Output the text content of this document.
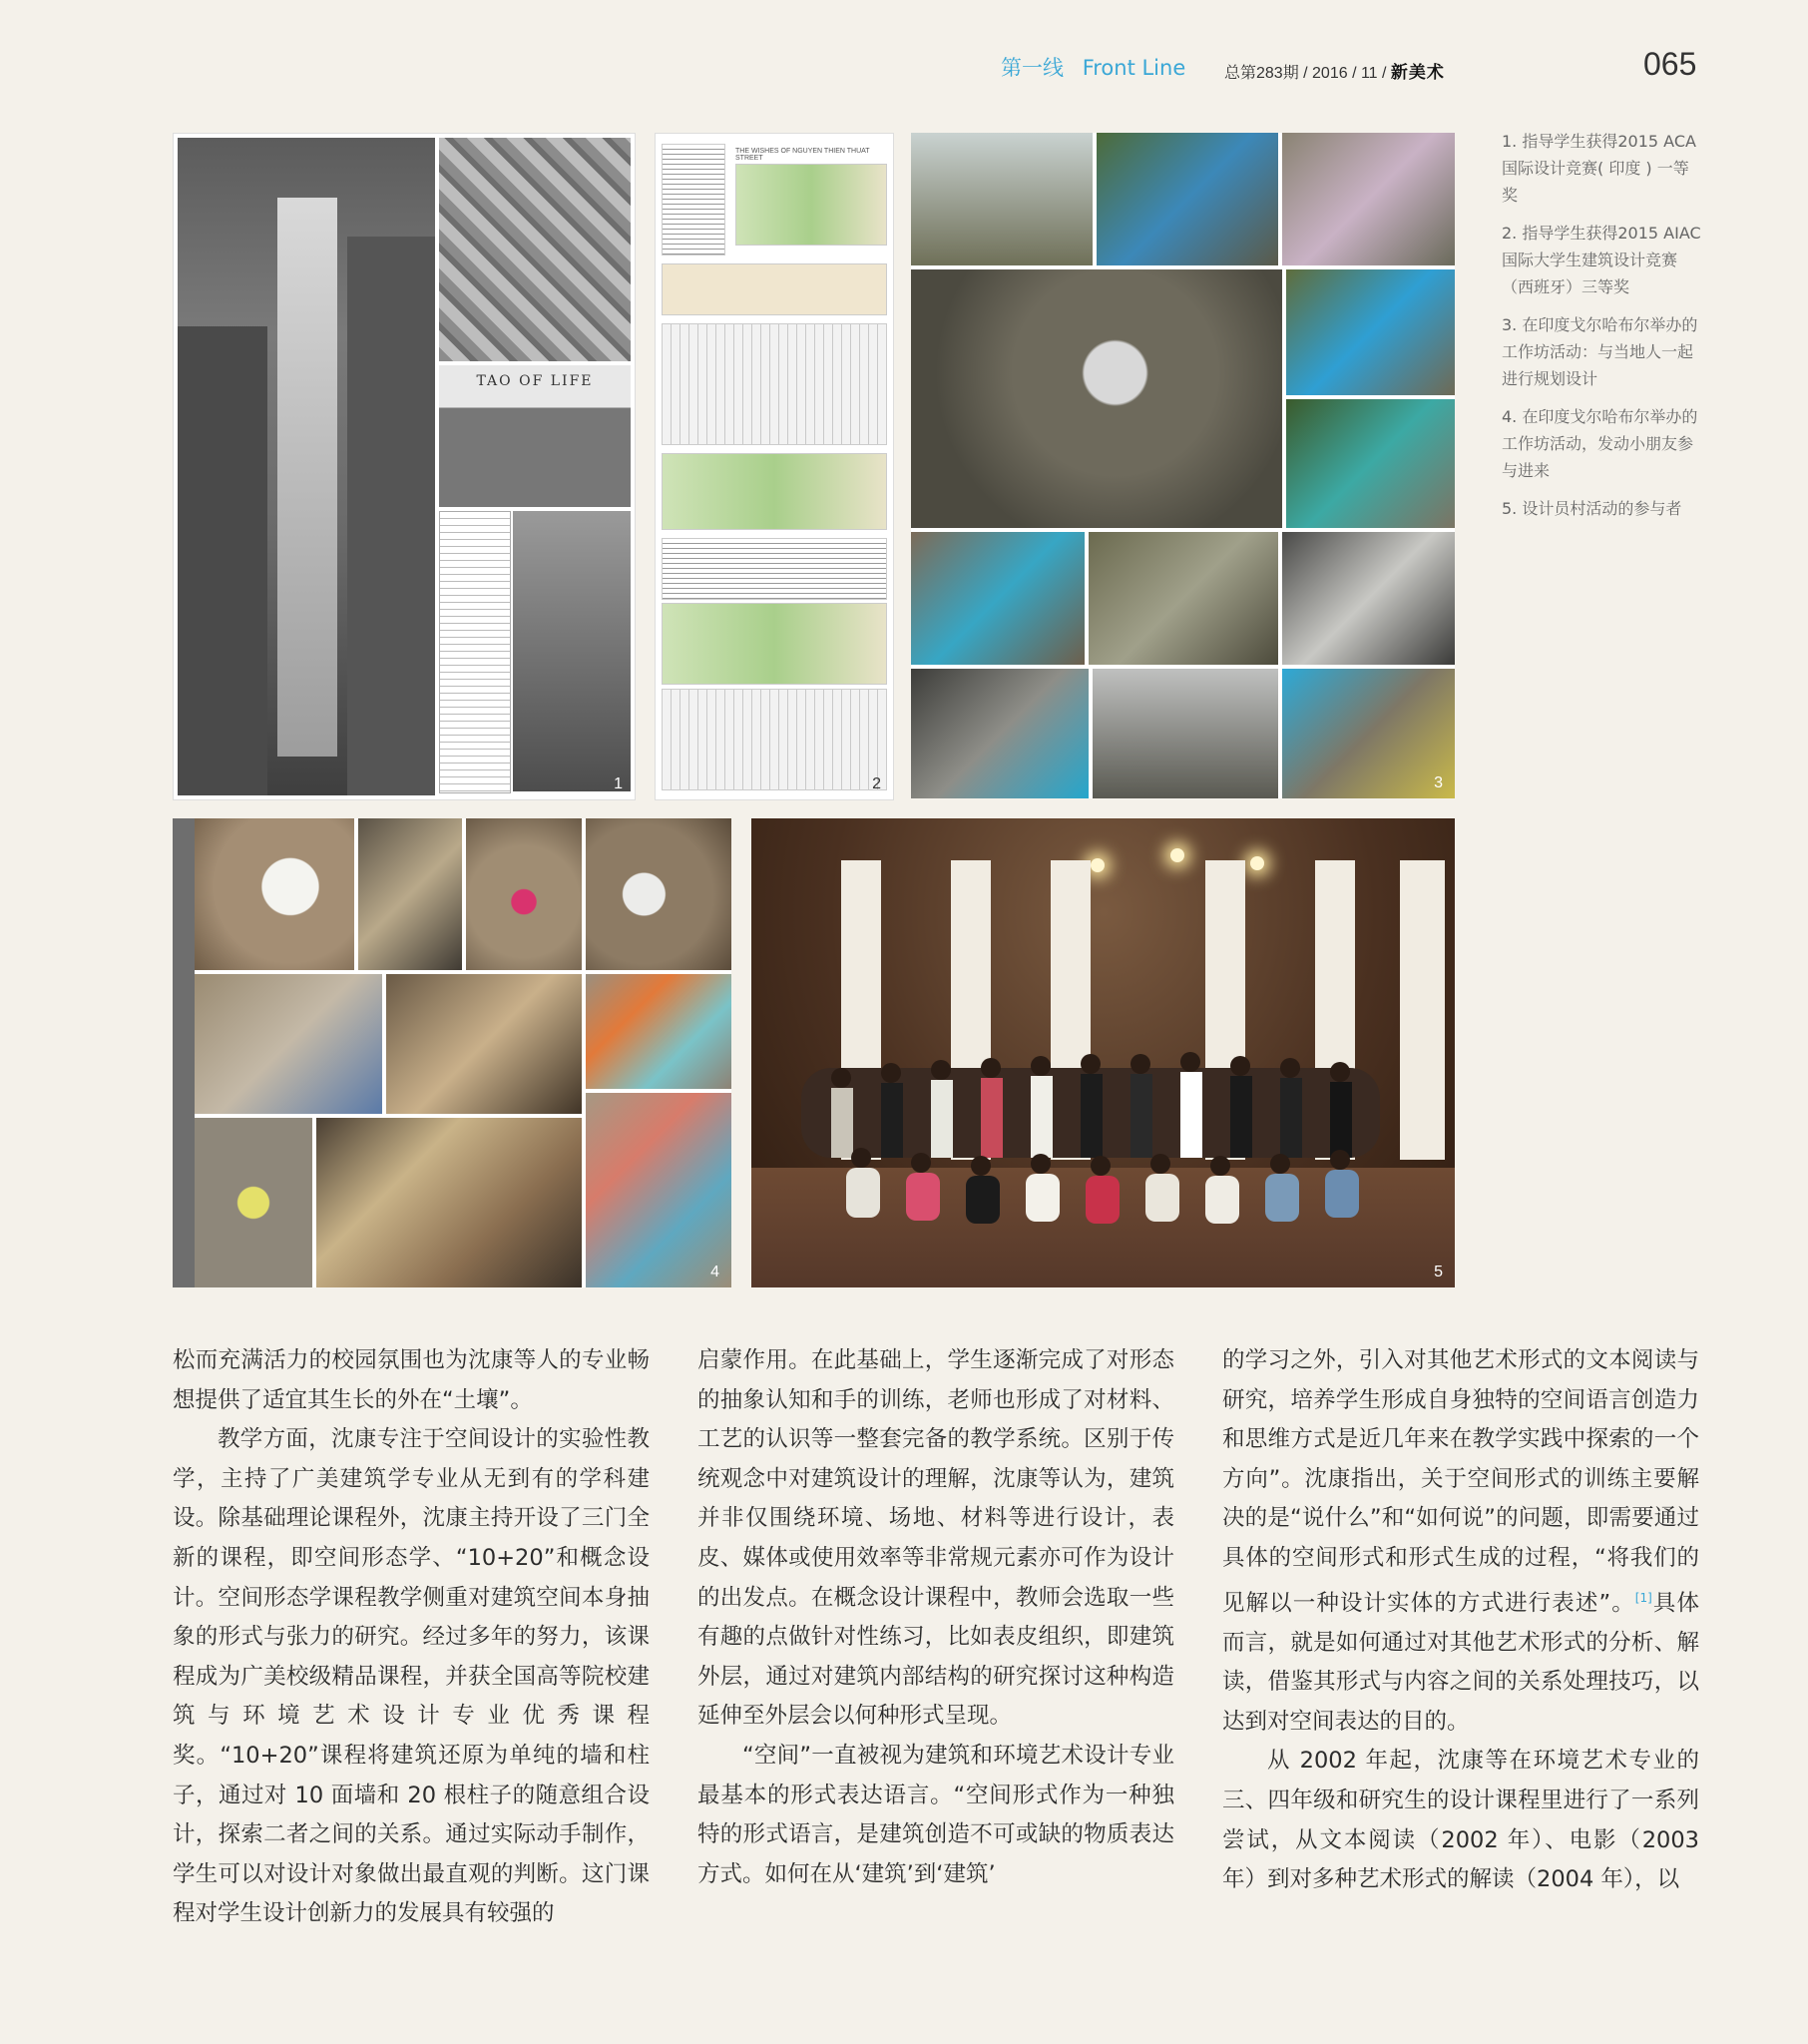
第一线 Front Line	总第283期 / 2016 / 11 / 新美术	065
TAO OF LIFE
1
THE WISHES OF NGUYEN THIEN THUAT STREET
2	3
4	5

1. 指导学生获得2015 ACA国际设计竞赛( 印度 ) 一等奖

2. 指导学生获得2015 AIAC国际大学生建筑设计竞赛（西班牙）三等奖

3. 在印度戈尔哈布尔举办的工作坊活动：与当地人一起进行规划设计

4. 在印度戈尔哈布尔举办的工作坊活动，发动小朋友参与进来

5. 设计员村活动的参与者

松而充满活力的校园氛围也为沈康等人的专业畅想提供了适宜其生长的外在“土壤”。

教学方面，沈康专注于空间设计的实验性教学，主持了广美建筑学专业从无到有的学科建设。除基础理论课程外，沈康主持开设了三门全新的课程，即空间形态学、“10+20”和概念设计。空间形态学课程教学侧重对建筑空间本身抽象的形式与张力的研究。经过多年的努力，该课程成为广美校级精品课程，并获全国高等院校建筑与环境艺术设计专业优秀课程奖。“10+20”课程将建筑还原为单纯的墙和柱子，通过对 10 面墙和 20 根柱子的随意组合设计，探索二者之间的关系。通过实际动手制作，学生可以对设计对象做出最直观的判断。这门课程对学生设计创新力的发展具有较强的

启蒙作用。在此基础上，学生逐渐完成了对形态的抽象认知和手的训练，老师也形成了对材料、工艺的认识等一整套完备的教学系统。区别于传统观念中对建筑设计的理解，沈康等认为，建筑并非仅围绕环境、场地、材料等进行设计，表皮、媒体或使用效率等非常规元素亦可作为设计的出发点。在概念设计课程中，教师会选取一些有趣的点做针对性练习，比如表皮组织，即建筑外层，通过对建筑内部结构的研究探讨这种构造延伸至外层会以何种形式呈现。

“空间”一直被视为建筑和环境艺术设计专业最基本的形式表达语言。“空间形式作为一种独特的形式语言，是建筑创造不可或缺的物质表达方式。如何在从‘建筑’到‘建筑’

的学习之外，引入对其他艺术形式的文本阅读与研究，培养学生形成自身独特的空间语言创造力和思维方式是近几年来在教学实践中探索的一个方向”。沈康指出，关于空间形式的训练主要解决的是“说什么”和“如何说”的问题，即需要通过具体的空间形式和形式生成的过程，“将我们的见解以一种设计实体的方式进行表述”。[1]具体而言，就是如何通过对其他艺术形式的分析、解读，借鉴其形式与内容之间的关系处理技巧，以达到对空间表达的目的。

从 2002 年起，沈康等在环境艺术专业的三、四年级和研究生的设计课程里进行了一系列尝试，从文本阅读（2002 年）、电影（2003 年）到对多种艺术形式的解读（2004 年），以
